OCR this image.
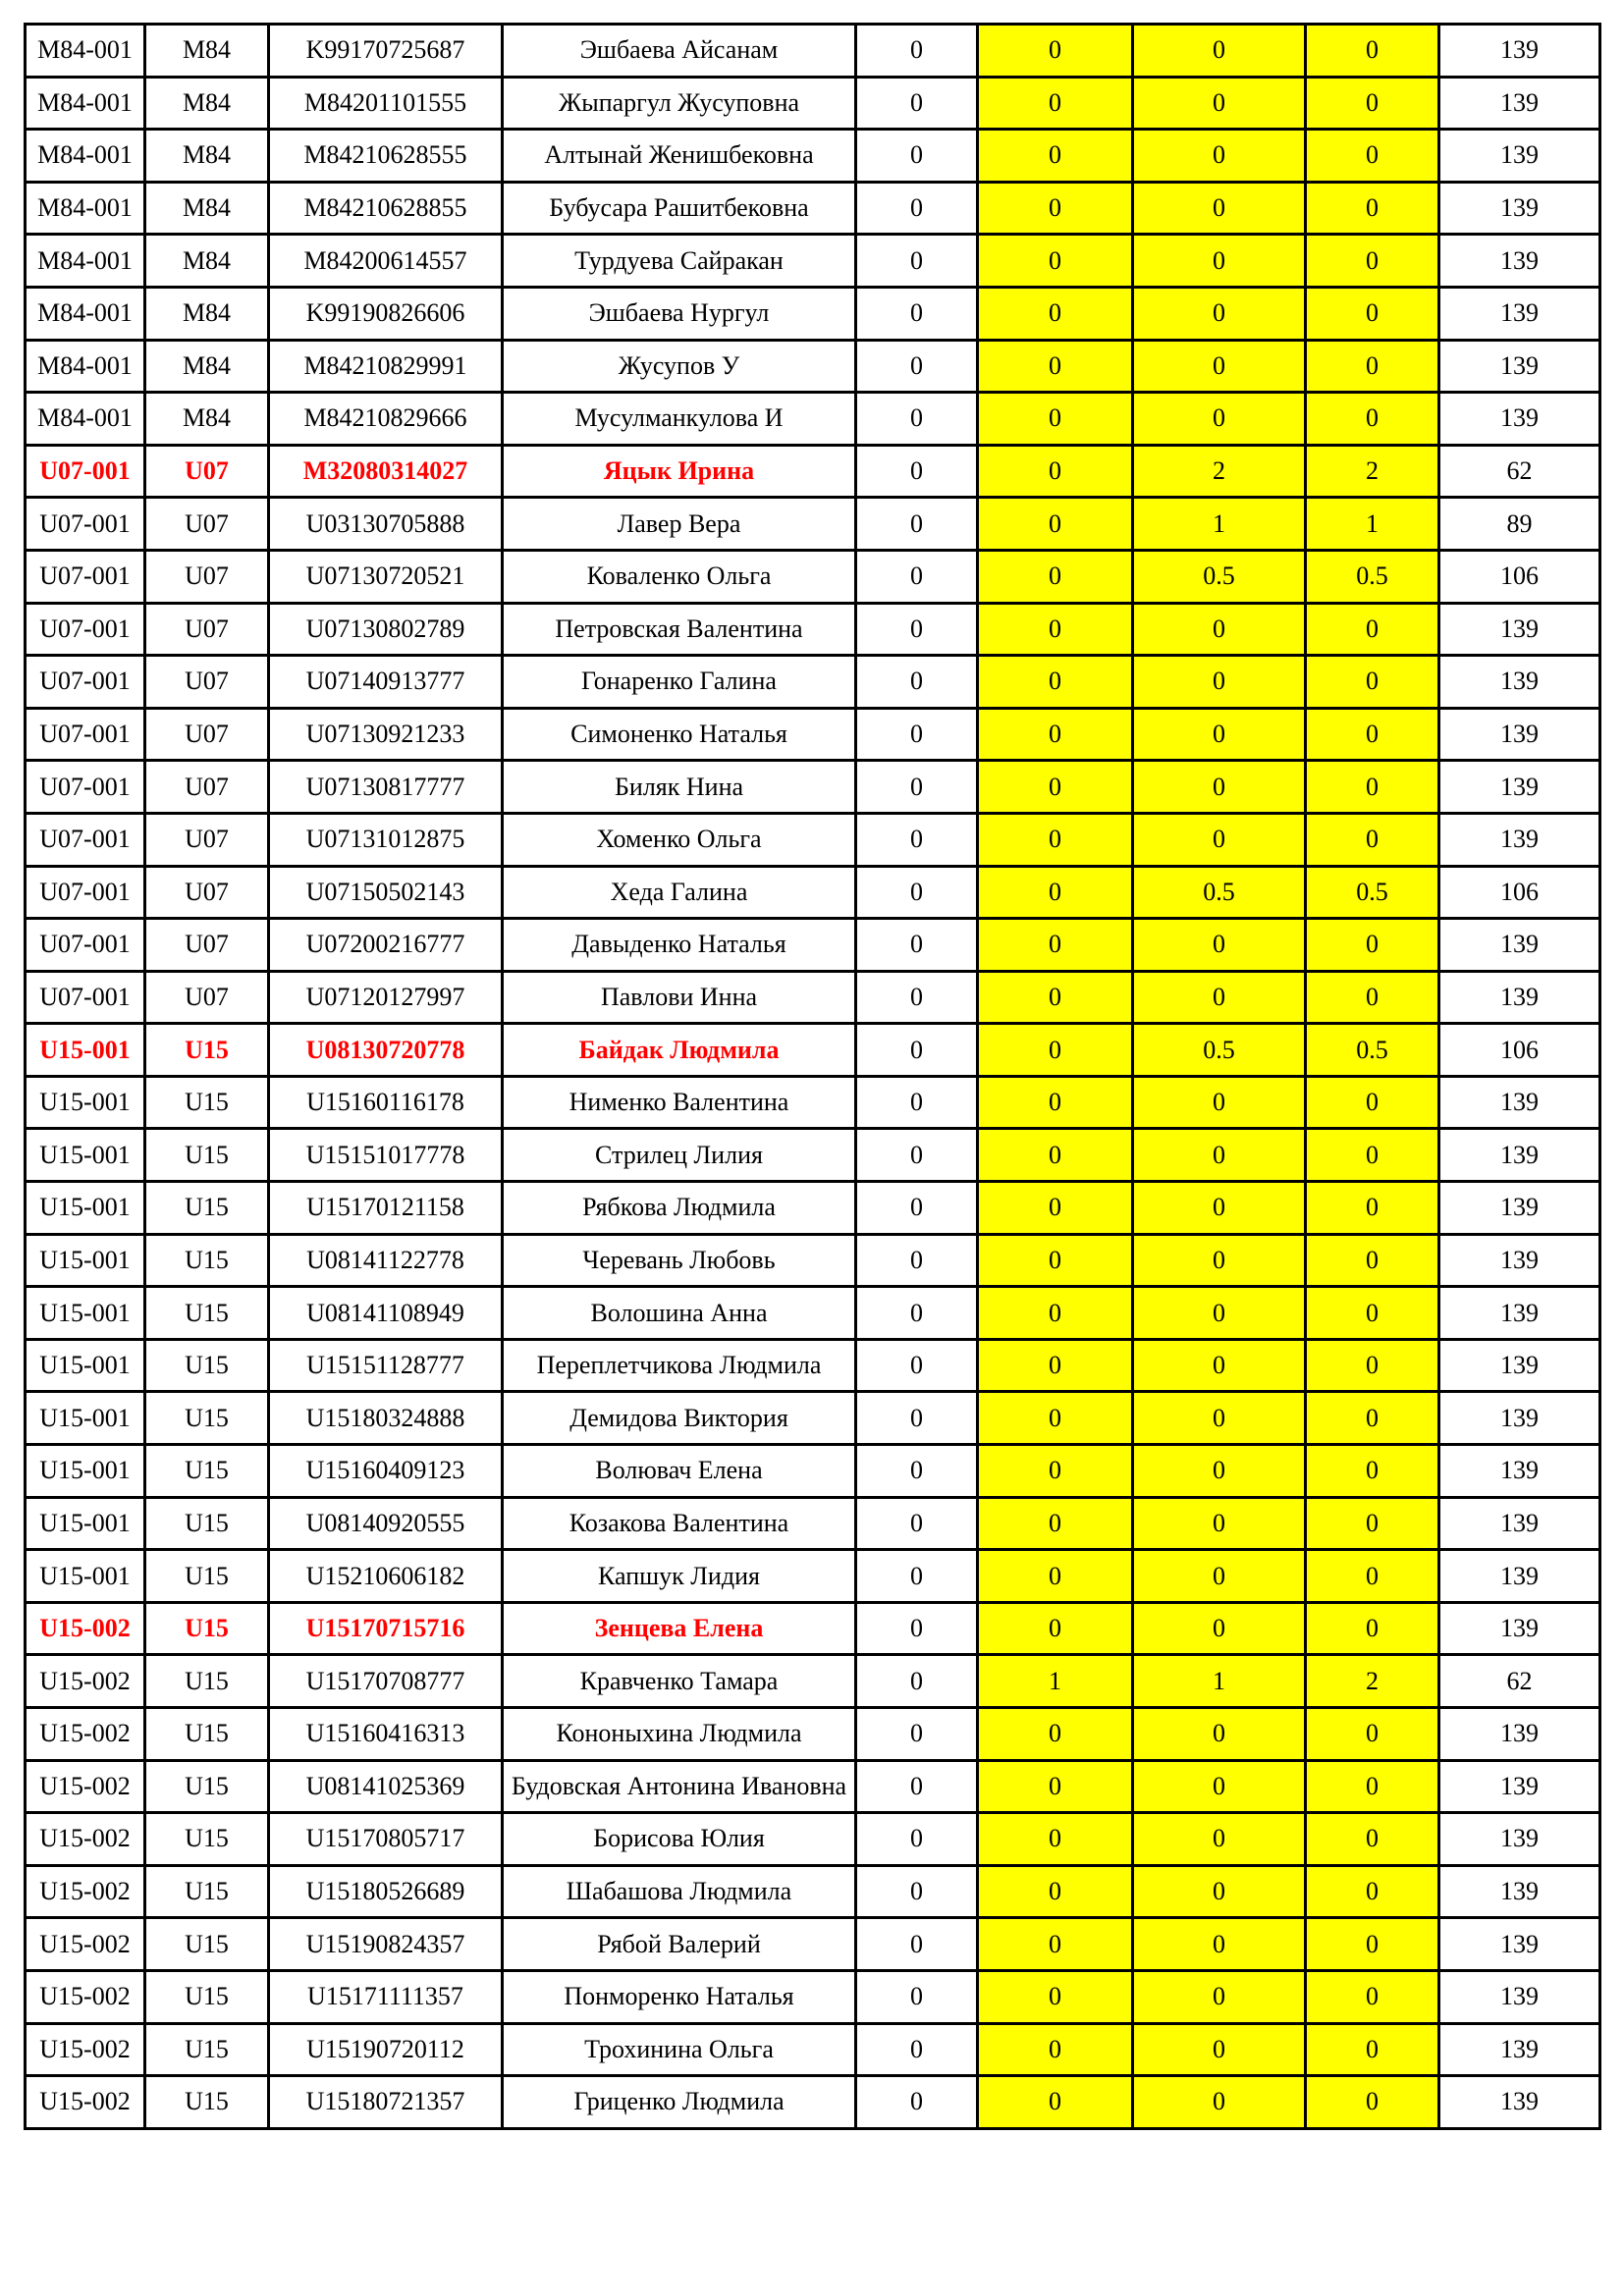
M84-001	M84	K99170725687	Эшбаева Айсанам	0	0	0	0	139
M84-001	M84	M84201101555	Жыпаргул Жусуповна	0	0	0	0	139
M84-001	M84	M84210628555	Алтынай Женишбековна	0	0	0	0	139
M84-001	M84	M84210628855	Бубусара Рашитбековна	0	0	0	0	139
M84-001	M84	M84200614557	Турдуева Сайракан	0	0	0	0	139
M84-001	M84	K99190826606	Эшбаева Нургул	0	0	0	0	139
M84-001	M84	M84210829991	Жусупов У	0	0	0	0	139
M84-001	M84	M84210829666	Мусулманкулова И	0	0	0	0	139
U07-001	U07	M32080314027	Яцык Ирина	0	0	2	2	62
U07-001	U07	U03130705888	Лавер Вера	0	0	1	1	89
U07-001	U07	U07130720521	Коваленко Ольга	0	0	0.5	0.5	106
U07-001	U07	U07130802789	Петровская Валентина	0	0	0	0	139
U07-001	U07	U07140913777	Гонаренко Галина	0	0	0	0	139
U07-001	U07	U07130921233	Симоненко Наталья	0	0	0	0	139
U07-001	U07	U07130817777	Биляк Нина	0	0	0	0	139
U07-001	U07	U07131012875	Хоменко Ольга	0	0	0	0	139
U07-001	U07	U07150502143	Хеда Галина	0	0	0.5	0.5	106
U07-001	U07	U07200216777	Давыденко Наталья	0	0	0	0	139
U07-001	U07	U07120127997	Павлови Инна	0	0	0	0	139
U15-001	U15	U08130720778	Байдак Людмила	0	0	0.5	0.5	106
U15-001	U15	U15160116178	Нименко Валентина	0	0	0	0	139
U15-001	U15	U15151017778	Стрилец Лилия	0	0	0	0	139
U15-001	U15	U15170121158	Рябкова Людмила	0	0	0	0	139
U15-001	U15	U08141122778	Черевань Любовь	0	0	0	0	139
U15-001	U15	U08141108949	Волошина Анна	0	0	0	0	139
U15-001	U15	U15151128777	Переплетчикова Людмила	0	0	0	0	139
U15-001	U15	U15180324888	Демидова Виктория	0	0	0	0	139
U15-001	U15	U15160409123	Волювач Елена	0	0	0	0	139
U15-001	U15	U08140920555	Козакова Валентина	0	0	0	0	139
U15-001	U15	U15210606182	Капшук Лидия	0	0	0	0	139
U15-002	U15	U15170715716	Зенцева Елена	0	0	0	0	139
U15-002	U15	U15170708777	Кравченко Тамара	0	1	1	2	62
U15-002	U15	U15160416313	Кононыхина Людмила	0	0	0	0	139
U15-002	U15	U08141025369	Будовская Антонина Ивановна	0	0	0	0	139
U15-002	U15	U15170805717	Борисова Юлия	0	0	0	0	139
U15-002	U15	U15180526689	Шабашова Людмила	0	0	0	0	139
U15-002	U15	U15190824357	Рябой Валерий	0	0	0	0	139
U15-002	U15	U15171111357	Понморенко Наталья	0	0	0	0	139
U15-002	U15	U15190720112	Трохинина Ольга	0	0	0	0	139
U15-002	U15	U15180721357	Гриценко Людмила	0	0	0	0	139
